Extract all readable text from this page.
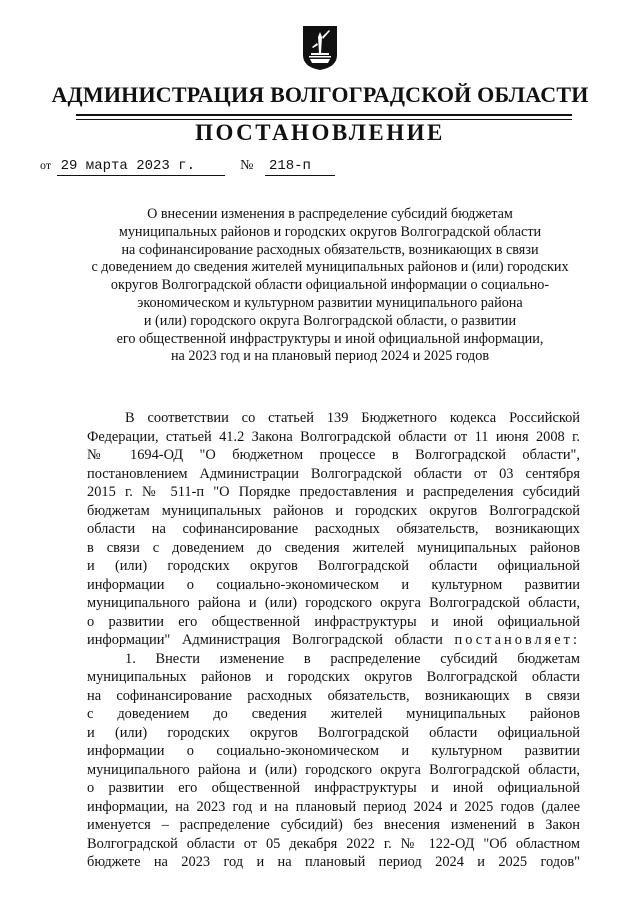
АДМИНИСТРАЦИЯ ВОЛГОГРАДСКОЙ ОБЛАСТИ
ПОСТАНОВЛЕНИЕ
от 29 марта 2023 г.	№ 218-п
О внесении изменения в распределение субсидий бюджетам
муниципальных районов и городских округов Волгоградской области
на софинансирование расходных обязательств, возникающих в связи
с доведением до сведения жителей муниципальных районов и (или) городских
округов Волгоградской области официальной информации о социально-
экономическом и культурном развитии муниципального района
и (или) городского округа Волгоградской области, о развитии
его общественной инфраструктуры и иной официальной информации,
на 2023 год и на плановый период 2024 и 2025 годов
В соответствии со статьей 139 Бюджетного кодекса Российской
Федерации, статьей 41.2 Закона Волгоградской области от 11 июня 2008 г.
№ 1694-ОД "О бюджетном процессе в Волгоградской области",
постановлением Администрации Волгоградской области от 03 сентября
2015 г. № 511-п "О Порядке предоставления и распределения субсидий
бюджетам муниципальных районов и городских округов Волгоградской
области на софинансирование расходных обязательств, возникающих
в связи с доведением до сведения жителей муниципальных районов
и (или) городских округов Волгоградской области официальной
информации о социально-экономическом и культурном развитии
муниципального района и (или) городского округа Волгоградской области,
о развитии его общественной инфраструктуры и иной официальной
информации" Администрация Волгоградской области постановляет:
1. Внести изменение в распределение субсидий бюджетам
муниципальных районов и городских округов Волгоградской области
на софинансирование расходных обязательств, возникающих в связи
с доведением до сведения жителей муниципальных районов
и (или) городских округов Волгоградской области официальной
информации о социально-экономическом и культурном развитии
муниципального района и (или) городского округа Волгоградской области,
о развитии его общественной инфраструктуры и иной официальной
информации, на 2023 год и на плановый период 2024 и 2025 годов (далее
именуется – распределение субсидий) без внесения изменений в Закон
Волгоградской области от 05 декабря 2022 г. № 122-ОД "Об областном
бюджете на 2023 год и на плановый период 2024 и 2025 годов"
